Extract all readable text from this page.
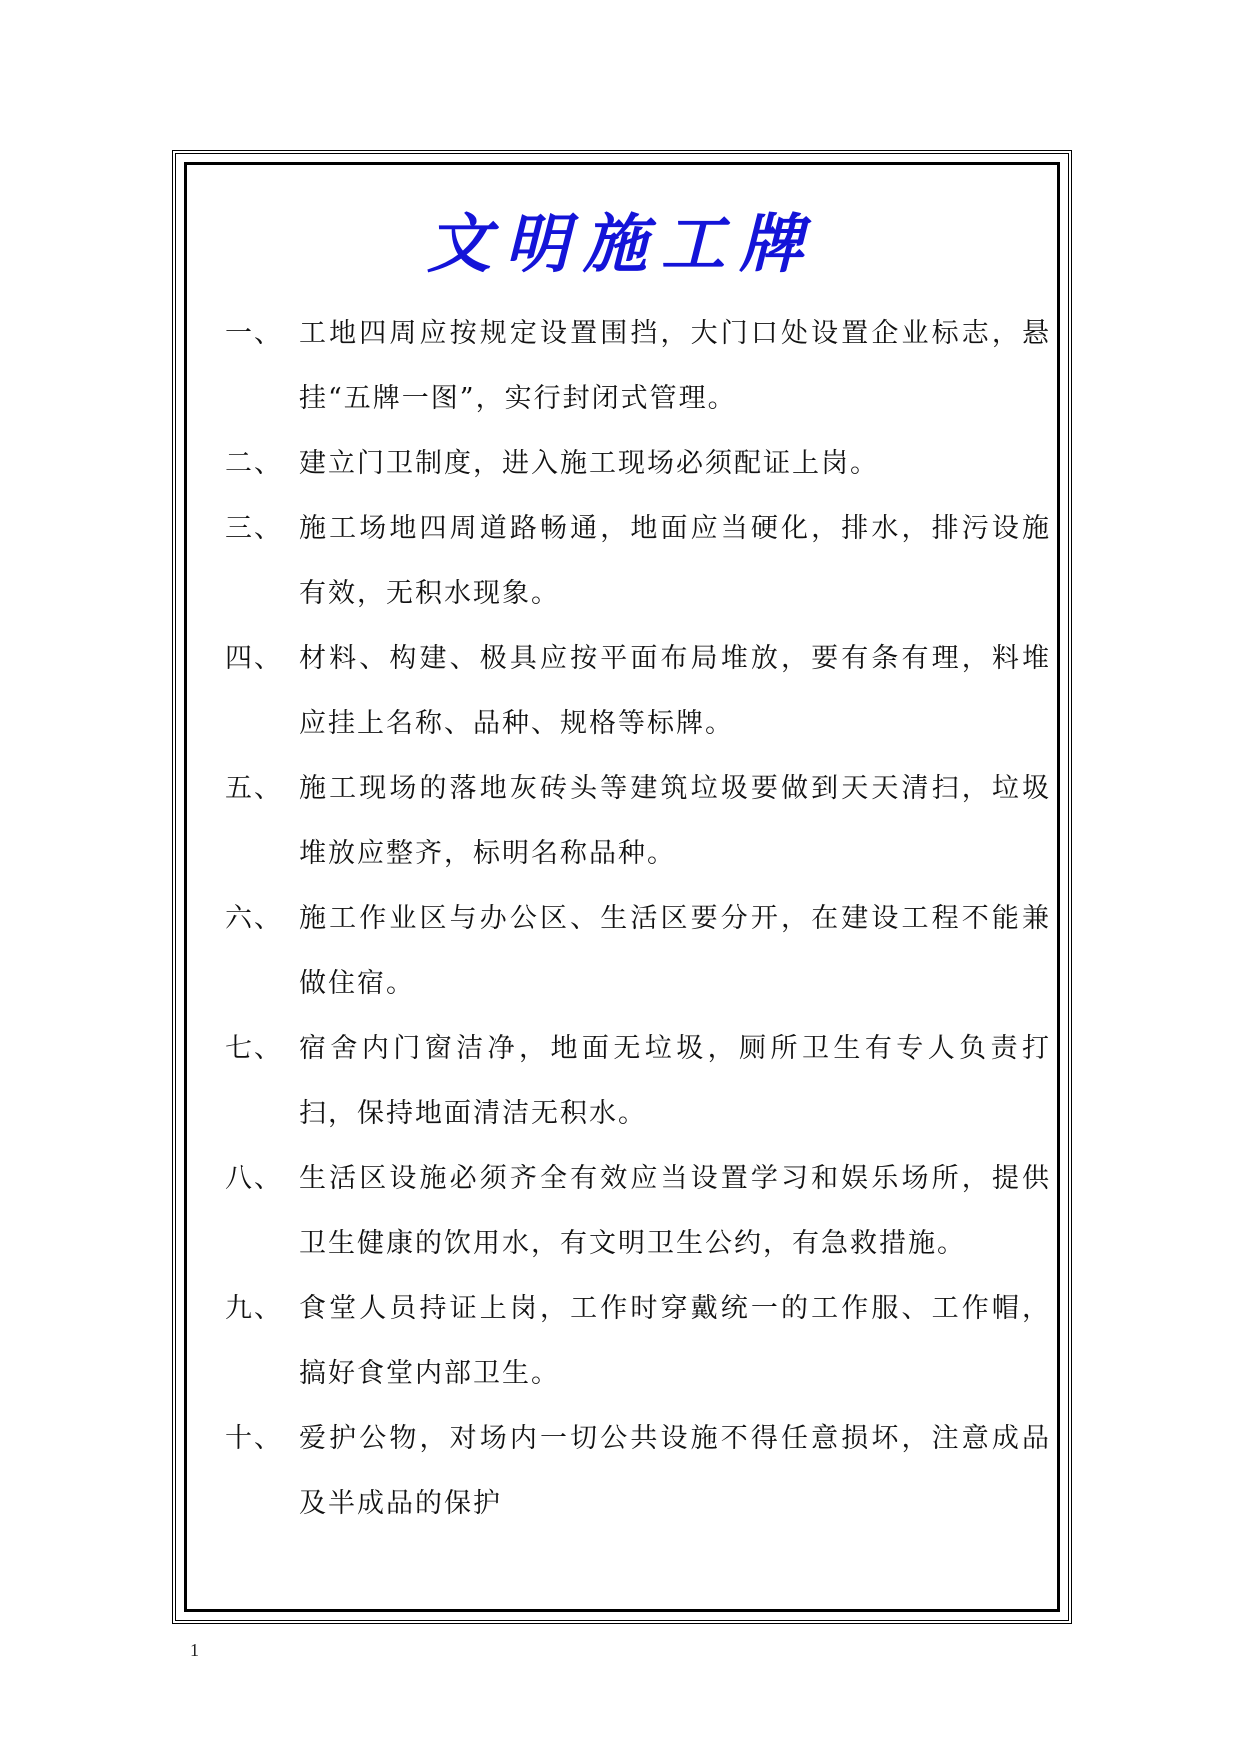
文明施工牌
一、 工地四周应按规定设置围挡，大门口处设置企业标志，悬挂“五牌一图”，实行封闭式管理。
二、 建立门卫制度，进入施工现场必须配证上岗。
三、 施工场地四周道路畅通，地面应当硬化，排水，排污设施有效，无积水现象。
四、 材料、构建、极具应按平面布局堆放，要有条有理，料堆应挂上名称、品种、规格等标牌。
五、 施工现场的落地灰砖头等建筑垃圾要做到天天清扫，垃圾堆放应整齐，标明名称品种。
六、 施工作业区与办公区、生活区要分开，在建设工程不能兼做住宿。
七、 宿舍内门窗洁净，地面无垃圾，厕所卫生有专人负责打扫，保持地面清洁无积水。
八、 生活区设施必须齐全有效应当设置学习和娱乐场所，提供卫生健康的饮用水，有文明卫生公约，有急救措施。
九、 食堂人员持证上岗，工作时穿戴统一的工作服、工作帽，搞好食堂内部卫生。
十、 爱护公物，对场内一切公共设施不得任意损坏，注意成品及半成品的保护
1
